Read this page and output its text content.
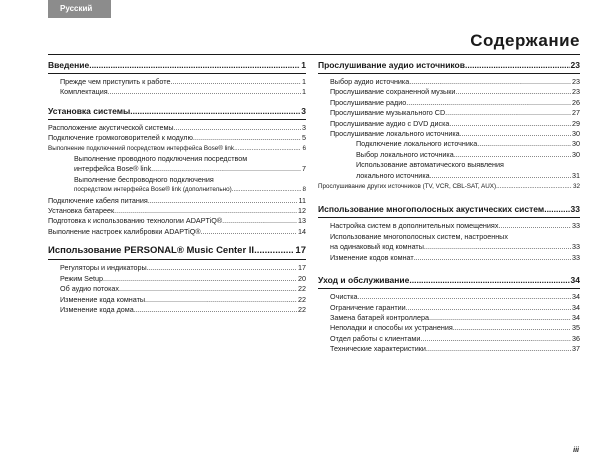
Русский
Содержание
Введение .....	1
Прежде чем приступить к работе .....	1
Комплектация .....	1
Установка системы .....	3
Расположение акустической системы .....	3
Подключение громкоговорителей к модулю .....	5
Выполнение подключений посредством интерфейса Bose® link .....	6
Выполнение проводного подключения посредством
интерфейса Bose® link .....	7
Выполнение беспроводного подключения
посредством интерфейса Bose® link (дополнительно) .....	8
Подключение кабеля питания .....	11
Установка батареек .....	12
Подготовка к использованию технологии ADAPTiQ® .....	13
Выполнение настроек калибровки ADAPTiQ® .....	14
Использование PERSONAL® Music Center II .....	17
Регуляторы и индикаторы .....	17
Режим Setup .....	20
Об аудио потоках .....	22
Изменение кода комнаты .....	22
Изменение кода дома .....	22
Прослушивание аудио источников .....	23
Выбор аудио источника .....	23
Прослушивание сохраненной музыки .....	23
Прослушивание радио .....	26
Прослушивание музыкального CD .....	27
Прослушивание аудио с DVD диска .....	29
Прослушивание локального источника .....	30
Подключение локального источника .....	30
Выбор локального источника .....	30
Использование автоматического выявления
локального источника .....	31
Прослушивание других источников (TV, VCR, CBL-SAT, AUX) .....	32
Использование многополосных акустических систем .....	33
Настройка систем в дополнительных помещениях .....	33
Использование многополосных систем, настроенных
на одинаковый код комнаты .....	33
Изменение кодов комнат .....	33
Уход и обслуживание .....	34
Очистка .....	34
Ограничение гарантии .....	34
Замена батарей контроллера .....	34
Неполадки и способы их устранения .....	35
Отдел работы с клиентами .....	36
Технические характеристики .....	37
iii
